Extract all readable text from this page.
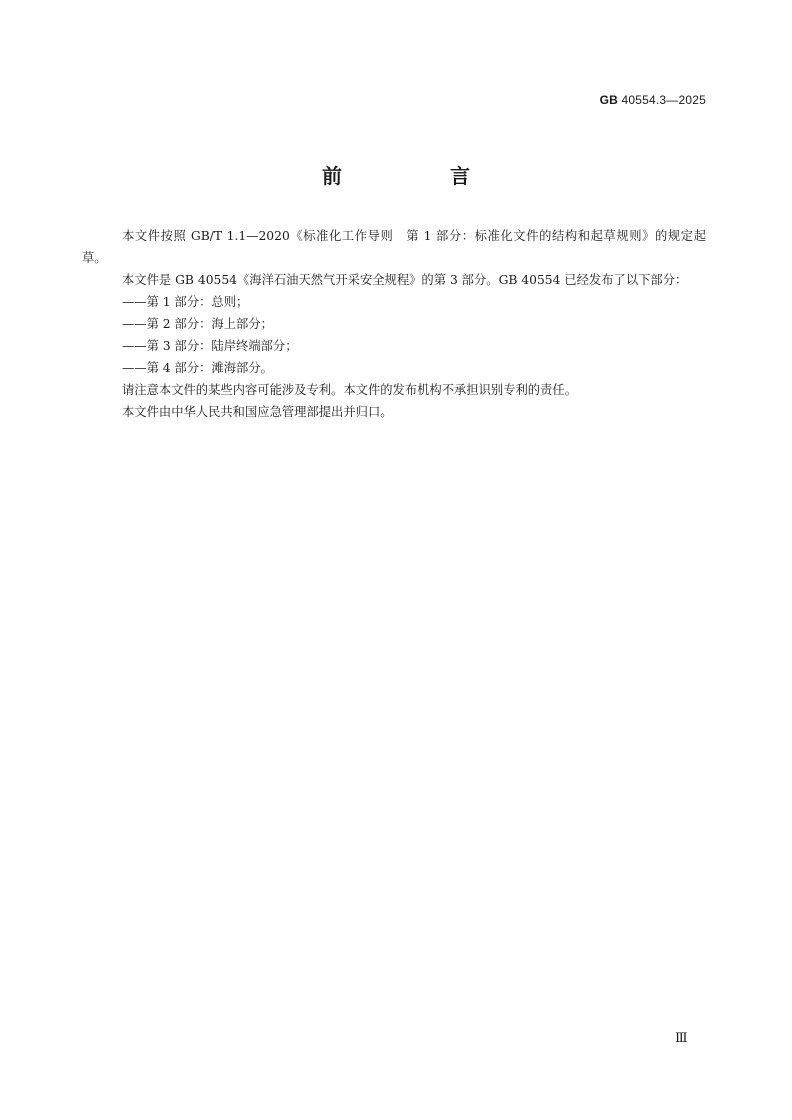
GB 40554.3—2025
前　言

本文件按照 GB/T 1.1—2020《标准化工作导则　第 1 部分：标准化文件的结构和起草规则》的规定起草。

本文件是 GB 40554《海洋石油天然气开采安全规程》的第 3 部分。GB 40554 已经发布了以下部分：

——第 1 部分：总则；

——第 2 部分：海上部分；

——第 3 部分：陆岸终端部分；

——第 4 部分：滩海部分。

请注意本文件的某些内容可能涉及专利。本文件的发布机构不承担识别专利的责任。

本文件由中华人民共和国应急管理部提出并归口。

Ⅲ
